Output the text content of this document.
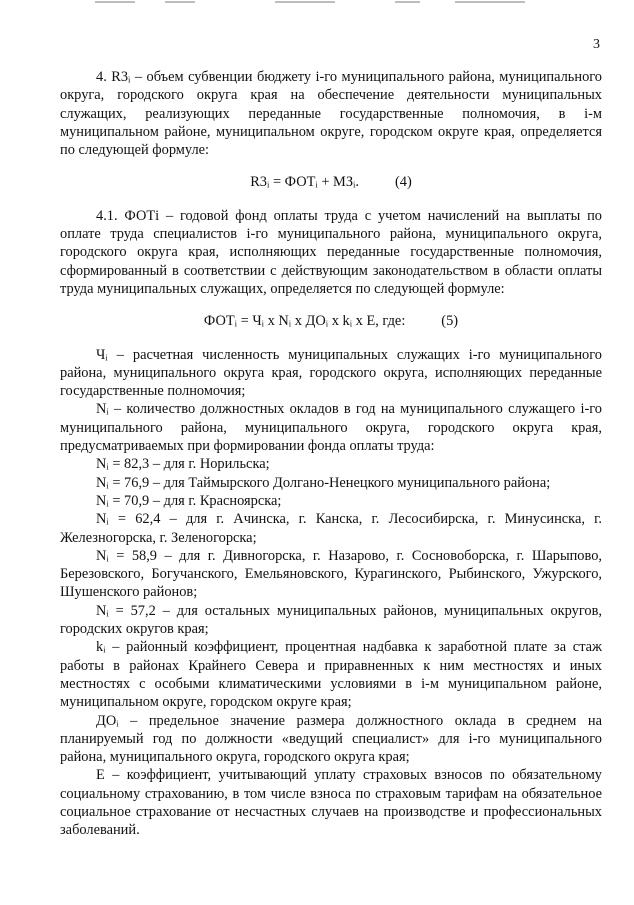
3

4. R3ᵢ – объем субвенции бюджету i-го муниципального района, муниципального округа, городского округа края на обеспечение деятельности муниципальных служащих, реализующих переданные государственные полномочия, в i-м муниципальном районе, муниципальном округе, городском округе края, определяется по следующей формуле:

R3ᵢ = ФОТᵢ + МЗᵢ.          (4)

4.1. ФОТi – годовой фонд оплаты труда с учетом начислений на выплаты по оплате труда специалистов i-го муниципального района, муниципального округа, городского округа края, исполняющих переданные государственные полномочия, сформированный в соответствии с действующим законодательством в области оплаты труда муниципальных служащих, определяется по следующей формуле:

ФОТᵢ = Чᵢ x Nᵢ x ДОᵢ x kᵢ x Е, где:          (5)

Чᵢ – расчетная численность муниципальных служащих i-го муниципального района, муниципального округа края, городского округа, исполняющих переданные государственные полномочия;

Nᵢ – количество должностных окладов в год на муниципального служащего i-го муниципального района, муниципального округа, городского округа края, предусматриваемых при формировании фонда оплаты труда:

Nᵢ = 82,3 – для г. Норильска;

Nᵢ = 76,9 – для Таймырского Долгано-Ненецкого муниципального района;

Nᵢ = 70,9 – для г. Красноярска;

Nᵢ = 62,4 – для г. Ачинска, г. Канска, г. Лесосибирска, г. Минусинска, г. Железногорска, г. Зеленогорска;

Nᵢ = 58,9 – для г. Дивногорска, г. Назарово, г. Сосновоборска, г. Шарыпово, Березовского, Богучанского, Емельяновского, Курагинского, Рыбинского, Ужурского, Шушенского районов;

Nᵢ = 57,2 – для остальных муниципальных районов, муниципальных округов, городских округов края;

kᵢ – районный коэффициент, процентная надбавка к заработной плате за стаж работы в районах Крайнего Севера и приравненных к ним местностях и иных местностях с особыми климатическими условиями в i-м муниципальном районе, муниципальном округе, городском округе края;

ДОᵢ – предельное значение размера должностного оклада в среднем на планируемый год по должности «ведущий специалист» для i-го муниципального района, муниципального округа, городского округа края;

Е – коэффициент, учитывающий уплату страховых взносов по обязательному социальному страхованию, в том числе взноса по страховым тарифам на обязательное социальное страхование от несчастных случаев на производстве и профессиональных заболеваний.
